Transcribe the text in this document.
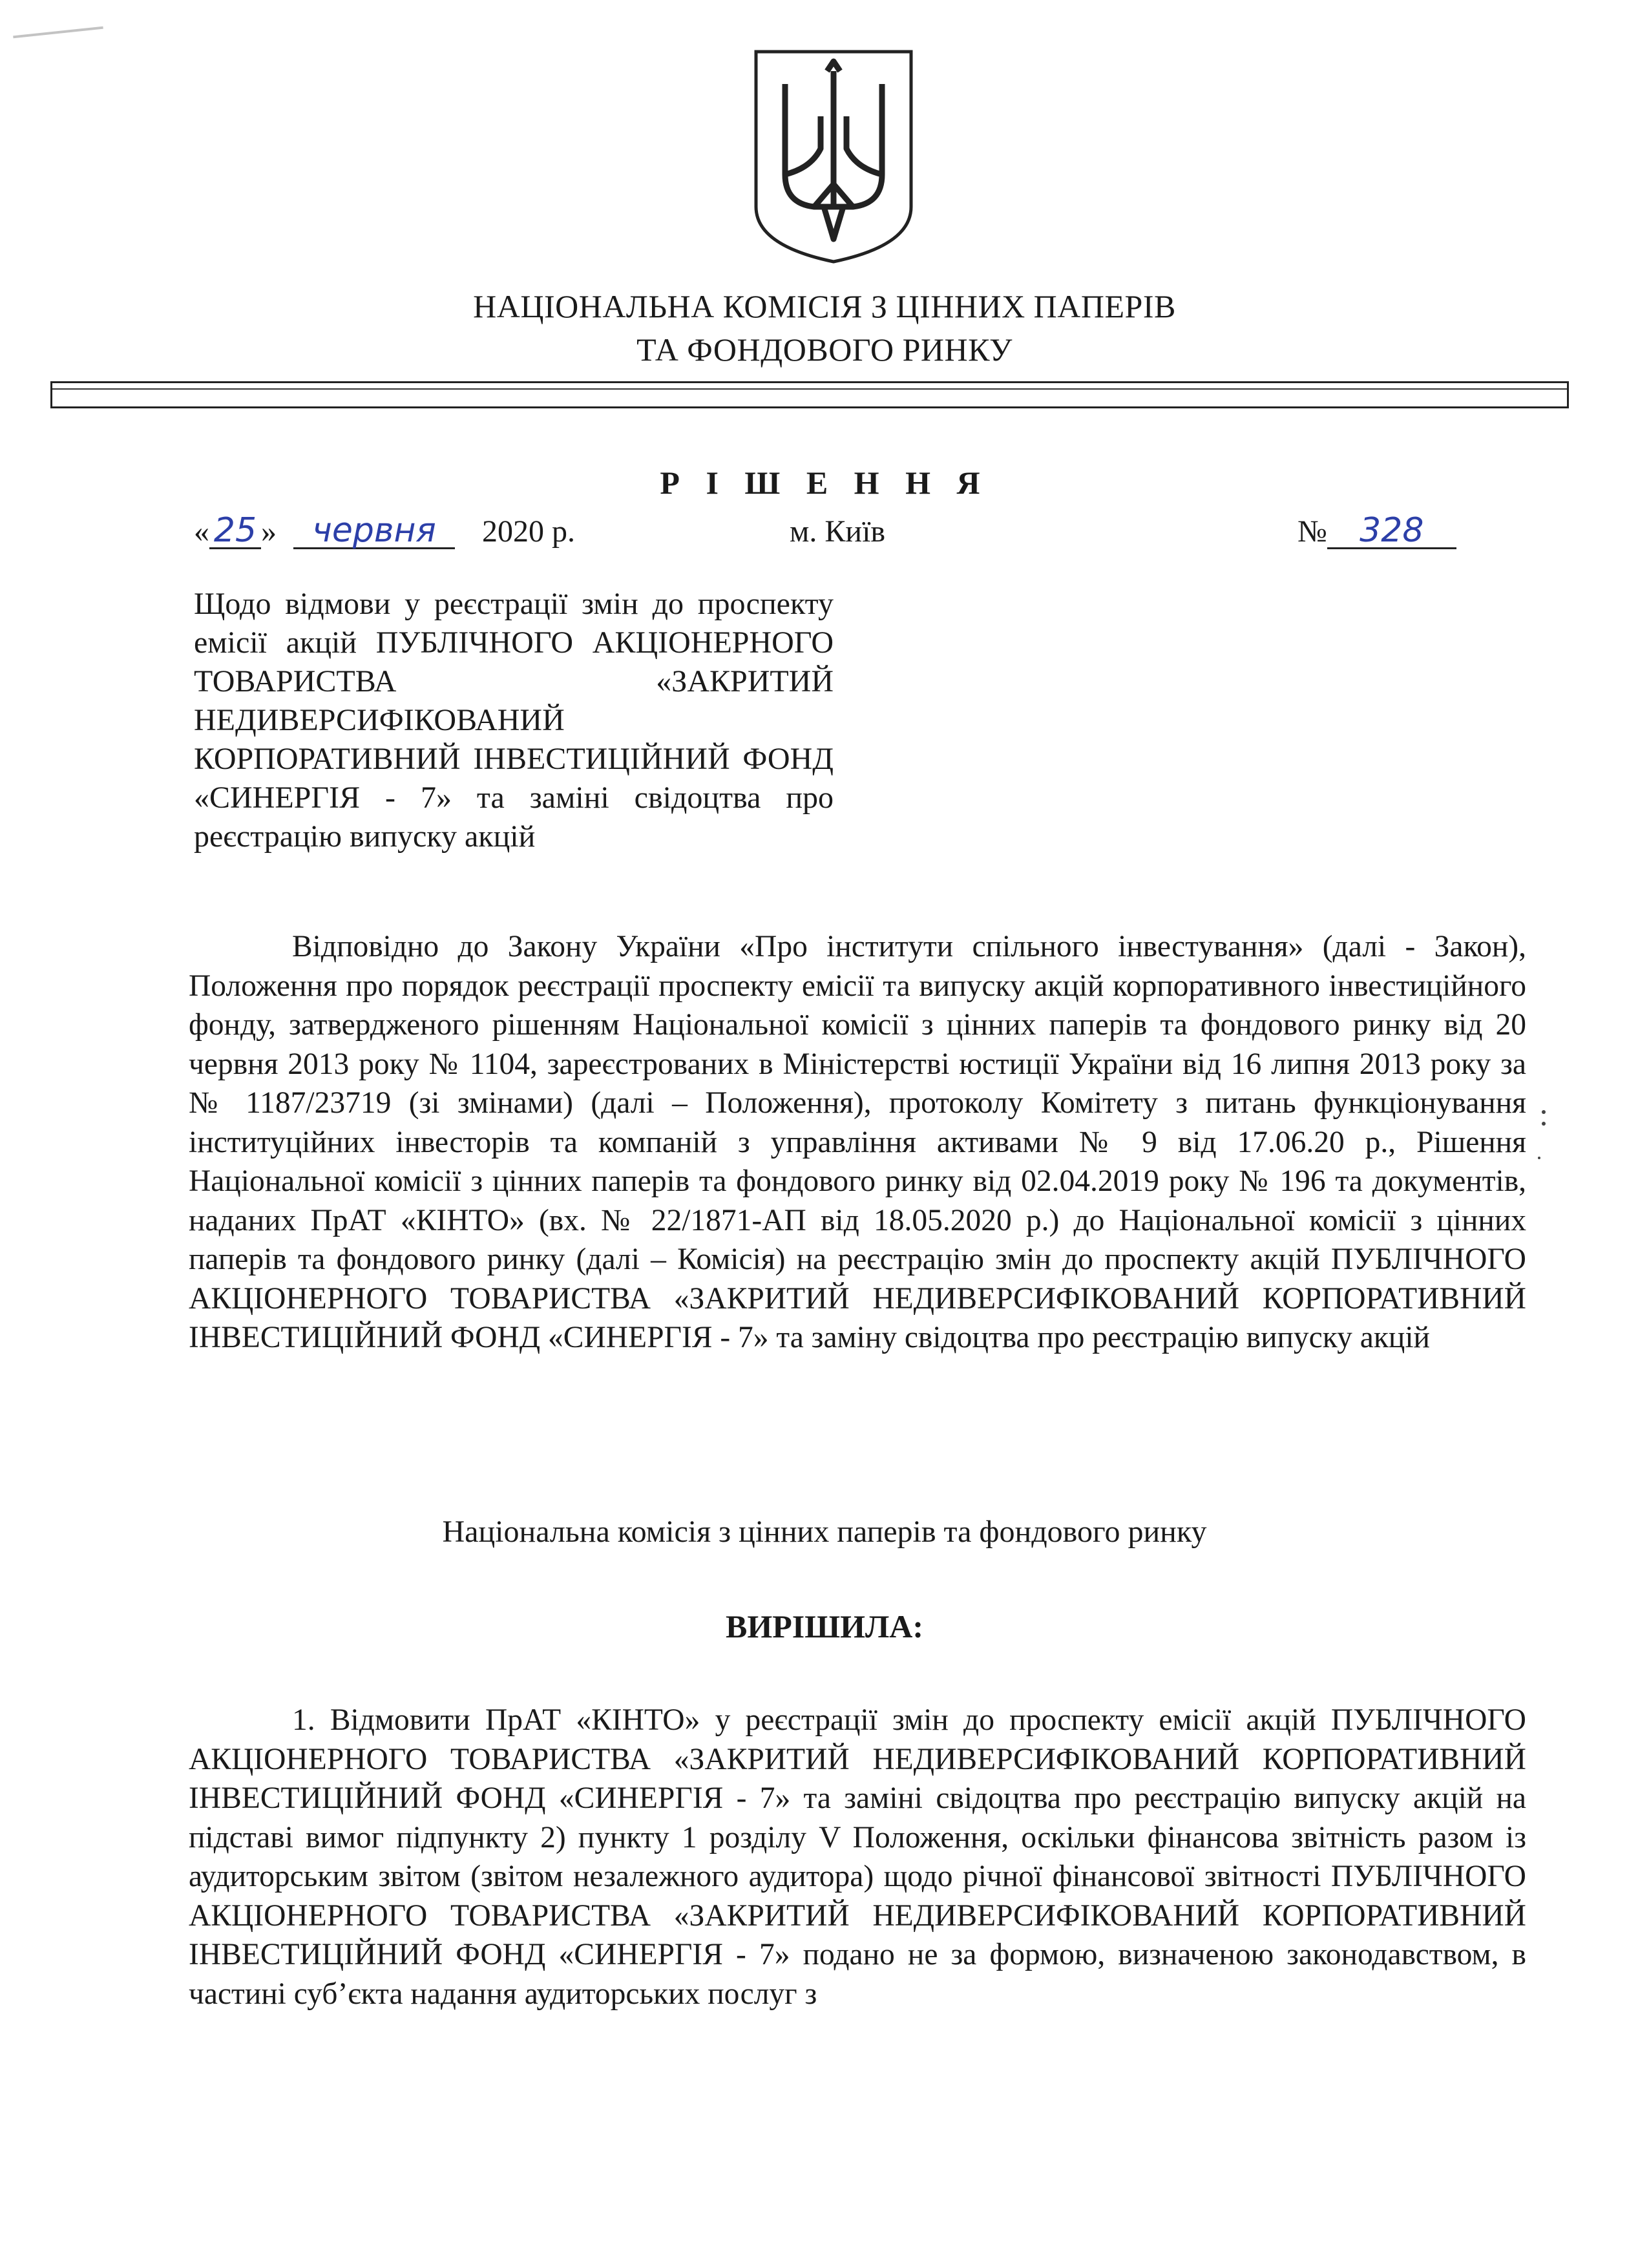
НАЦІОНАЛЬНА КОМІСІЯ З ЦІННИХ ПАПЕРІВ
ТА ФОНДОВОГО РИНКУ
Р І Ш Е Н Н Я
« 25 » червня 2020 р.	м. Київ	№ 328
Щодо відмови у реєстрації змін до проспекту емісії акцій ПУБЛІЧНОГО АКЦІОНЕРНОГО ТОВАРИСТВА «ЗАКРИТИЙ НЕДИВЕРСИФІКОВАНИЙ КОРПОРАТИВНИЙ ІНВЕСТИЦІЙНИЙ ФОНД «СИНЕРГІЯ - 7» та заміні свідоцтва про реєстрацію випуску акцій
Відповідно до Закону України «Про інститути спільного інвестування» (далі - Закон), Положення про порядок реєстрації проспекту емісії та випуску акцій корпоративного інвестиційного фонду, затвердженого рішенням Національної комісії з цінних паперів та фондового ринку від 20 червня 2013 року № 1104, зареєстрованих в Міністерстві юстиції України від 16 липня 2013 року за № 1187/23719 (зі змінами) (далі – Положення), протоколу Комітету з питань функціонування інституційних інвесторів та компаній з управління активами № 9 від 17.06.20 р., Рішення Національної комісії з цінних паперів та фондового ринку від 02.04.2019 року № 196 та документів, наданих ПрАТ «КІНТО» (вх. № 22/1871-АП від 18.05.2020 р.) до Національної комісії з цінних паперів та фондового ринку (далі – Комісія) на реєстрацію змін до проспекту акцій ПУБЛІЧНОГО АКЦІОНЕРНОГО ТОВАРИСТВА «ЗАКРИТИЙ НЕДИВЕРСИФІКОВАНИЙ КОРПОРАТИВНИЙ ІНВЕСТИЦІЙНИЙ ФОНД «СИНЕРГІЯ - 7» та заміну свідоцтва про реєстрацію випуску акцій
Національна комісія з цінних паперів та фондового ринку
ВИРІШИЛА:
1. Відмовити ПрАТ «КІНТО» у реєстрації змін до проспекту емісії акцій ПУБЛІЧНОГО АКЦІОНЕРНОГО ТОВАРИСТВА «ЗАКРИТИЙ НЕДИВЕРСИФІКОВАНИЙ КОРПОРАТИВНИЙ ІНВЕСТИЦІЙНИЙ ФОНД «СИНЕРГІЯ - 7» та заміні свідоцтва про реєстрацію випуску акцій на підставі вимог підпункту 2) пункту 1 розділу V Положення, оскільки фінансова звітність разом із аудиторським звітом (звітом незалежного аудитора) щодо річної фінансової звітності ПУБЛІЧНОГО АКЦІОНЕРНОГО ТОВАРИСТВА «ЗАКРИТИЙ НЕДИВЕРСИФІКОВАНИЙ КОРПОРАТИВНИЙ ІНВЕСТИЦІЙНИЙ ФОНД «СИНЕРГІЯ - 7» подано не за формою, визначеною законодавством, в частині суб’єкта надання аудиторських послуг з
